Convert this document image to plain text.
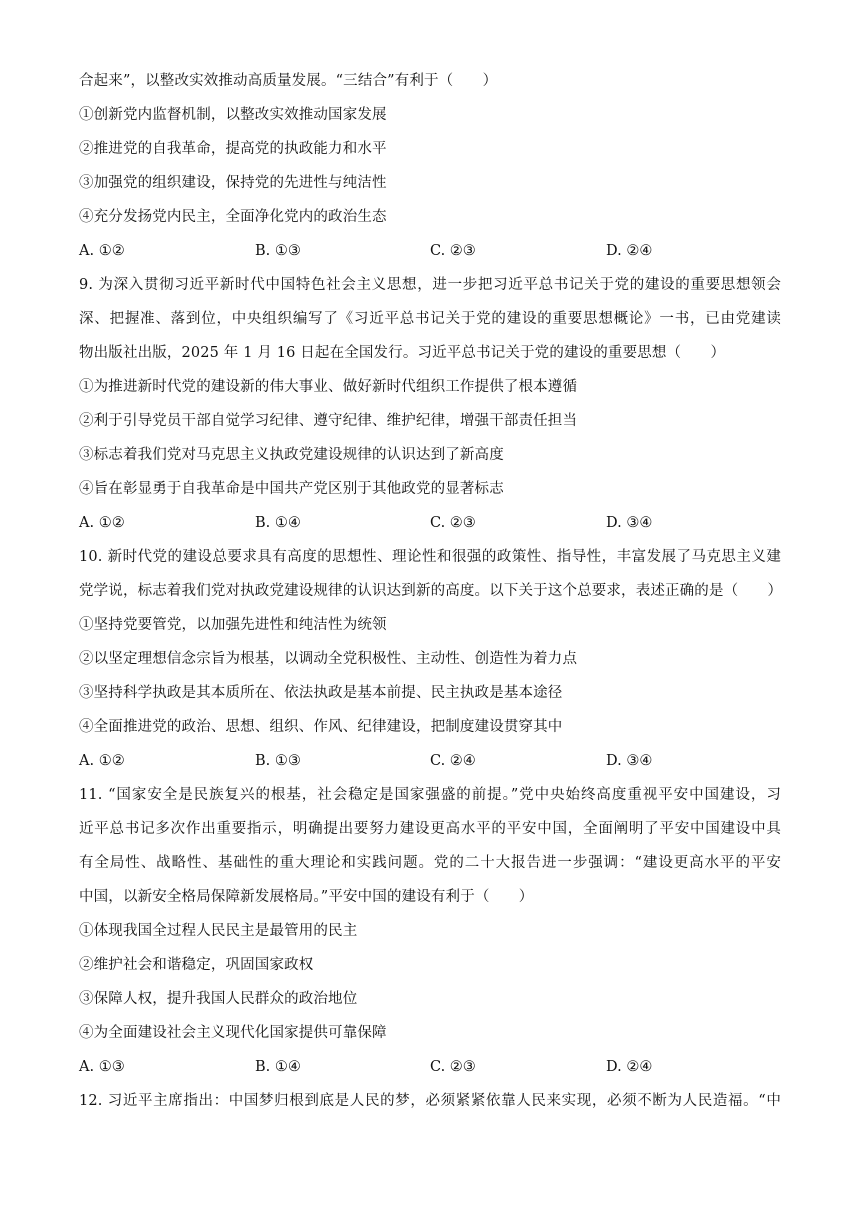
合起来”，以整改实效推动高质量发展。“三结合”有利于（　　）
①创新党内监督机制，以整改实效推动国家发展
②推进党的自我革命，提高党的执政能力和水平
③加强党的组织建设，保持党的先进性与纯洁性
④充分发扬党内民主，全面净化党内的政治生态
A. ①②	B. ①③	C. ②③	D. ②④
9. 为深入贯彻习近平新时代中国特色社会主义思想，进一步把习近平总书记关于党的建设的重要思想领会
深、把握准、落到位，中央组织编写了《习近平总书记关于党的建设的重要思想概论》一书，已由党建读
物出版社出版，2025 年 1 月 16 日起在全国发行。习近平总书记关于党的建设的重要思想（　　）
①为推进新时代党的建设新的伟大事业、做好新时代组织工作提供了根本遵循
②利于引导党员干部自觉学习纪律、遵守纪律、维护纪律，增强干部责任担当
③标志着我们党对马克思主义执政党建设规律的认识达到了新高度
④旨在彰显勇于自我革命是中国共产党区别于其他政党的显著标志
A. ①②	B. ①④	C. ②③	D. ③④
10. 新时代党的建设总要求具有高度的思想性、理论性和很强的政策性、指导性，丰富发展了马克思主义建
党学说，标志着我们党对执政党建设规律的认识达到新的高度。以下关于这个总要求，表述正确的是（　　）
①坚持党要管党，以加强先进性和纯洁性为统领
②以坚定理想信念宗旨为根基，以调动全党积极性、主动性、创造性为着力点
③坚持科学执政是其本质所在、依法执政是基本前提、民主执政是基本途径
④全面推进党的政治、思想、组织、作风、纪律建设，把制度建设贯穿其中
A. ①②	B. ①③	C. ②④	D. ③④
11. “国家安全是民族复兴的根基，社会稳定是国家强盛的前提。”党中央始终高度重视平安中国建设，习
近平总书记多次作出重要指示，明确提出要努力建设更高水平的平安中国，全面阐明了平安中国建设中具
有全局性、战略性、基础性的重大理论和实践问题。党的二十大报告进一步强调：“建设更高水平的平安
中国，以新安全格局保障新发展格局。”平安中国的建设有利于（　　）
①体现我国全过程人民民主是最管用的民主
②维护社会和谐稳定，巩固国家政权
③保障人权，提升我国人民群众的政治地位
④为全面建设社会主义现代化国家提供可靠保障
A. ①③	B. ①④	C. ②③	D. ②④
12. 习近平主席指出：中国梦归根到底是人民的梦，必须紧紧依靠人民来实现，必须不断为人民造福。“中
